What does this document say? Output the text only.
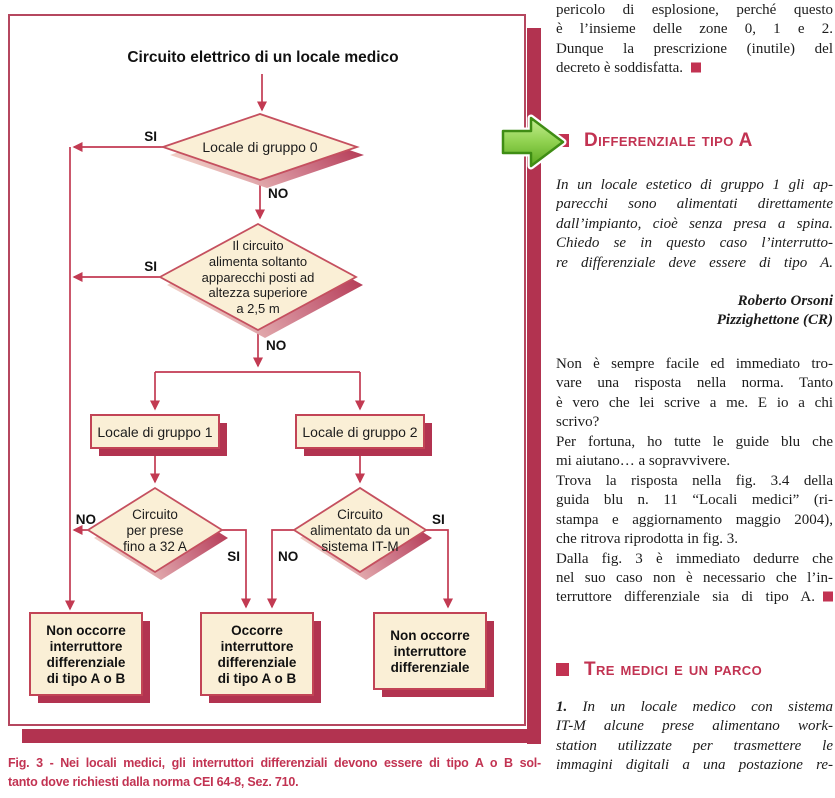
Circuito elettrico di un locale medico
Locale di gruppo 0
Il circuito
alimenta soltanto
apparecchi posti ad
altezza superiore
a 2,5 m
Locale di gruppo 1	Locale di gruppo 2
Circuito
per prese
fino a 32 A
Circuito
alimentato da un
sistema IT-M
Non occorre
interruttore
differenziale
di tipo A o B
Occorre
interruttore
differenziale
di tipo A o B
Non occorre
interruttore
differenziale
SI
NO
SI
NO
NO
SI	NO
SI
Fig. 3 - Nei locali medici, gli interruttori differenziali devono essere di tipo A o B sol-
tanto dove richiesti dalla norma CEI 64-8, Sez. 710.
pericolo di esplosione, perché questo
è l’insieme delle zone 0, 1 e 2.
Dunque la prescrizione (inutile) del
decreto è soddisfatta.
Differenziale tipo A
In un locale estetico di gruppo 1 gli ap-
parecchi sono alimentati direttamente
dall’impianto, cioè senza presa a spina.
Chiedo se in questo caso l’interrutto-
re differenziale deve essere di tipo A.
Roberto Orsoni
Pizzighettone (CR)
Non è sempre facile ed immediato tro-
vare una risposta nella norma. Tanto
è vero che lei scrive a me. E io a chi
scrivo?
Per fortuna, ho tutte le guide blu che
mi aiutano… a sopravvivere.
Trova la risposta nella fig. 3.4 della
guida blu n. 11 “Locali medici” (ri-
stampa e aggiornamento maggio 2004),
che ritrova riprodotta in fig. 3.
Dalla fig. 3 è immediato dedurre che
nel suo caso non è necessario che l’in-
terruttore differenziale sia di tipo A.
Tre medici e un parco
1. In un locale medico con sistema
IT-M alcune prese alimentano work-
station utilizzate per trasmettere le
immagini digitali a una postazione re-
